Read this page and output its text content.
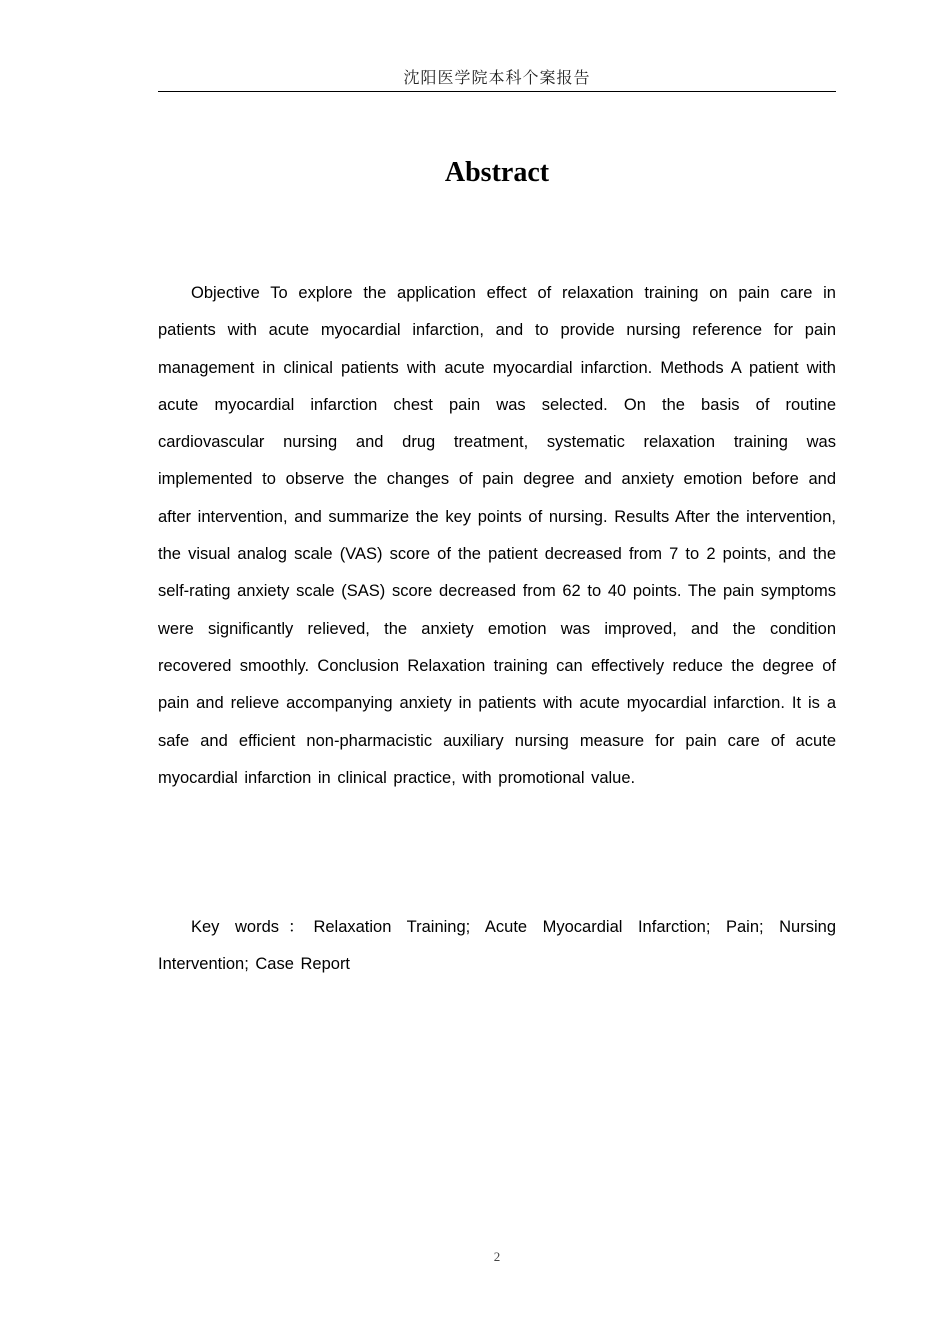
沈阳医学院本科个案报告
Abstract

Objective To explore the application effect of relaxation training on pain care in patients with acute myocardial infarction, and to provide nursing reference for pain management in clinical patients with acute myocardial infarction. Methods A patient with acute myocardial infarction chest pain was selected. On the basis of routine cardiovascular nursing and drug treatment, systematic relaxation training was implemented to observe the changes of pain degree and anxiety emotion before and after intervention, and summarize the key points of nursing. Results After the intervention, the visual analog scale (VAS) score of the patient decreased from 7 to 2 points, and the self-rating anxiety scale (SAS) score decreased from 62 to 40 points. The pain symptoms were significantly relieved, the anxiety emotion was improved, and the condition recovered smoothly. Conclusion Relaxation training can effectively reduce the degree of pain and relieve accompanying anxiety in patients with acute myocardial infarction. It is a safe and efficient non-pharmacistic auxiliary nursing measure for pain care of acute myocardial infarction in clinical practice, with promotional value.

Key words：Relaxation Training; Acute Myocardial Infarction; Pain; Nursing Intervention; Case Report

2
